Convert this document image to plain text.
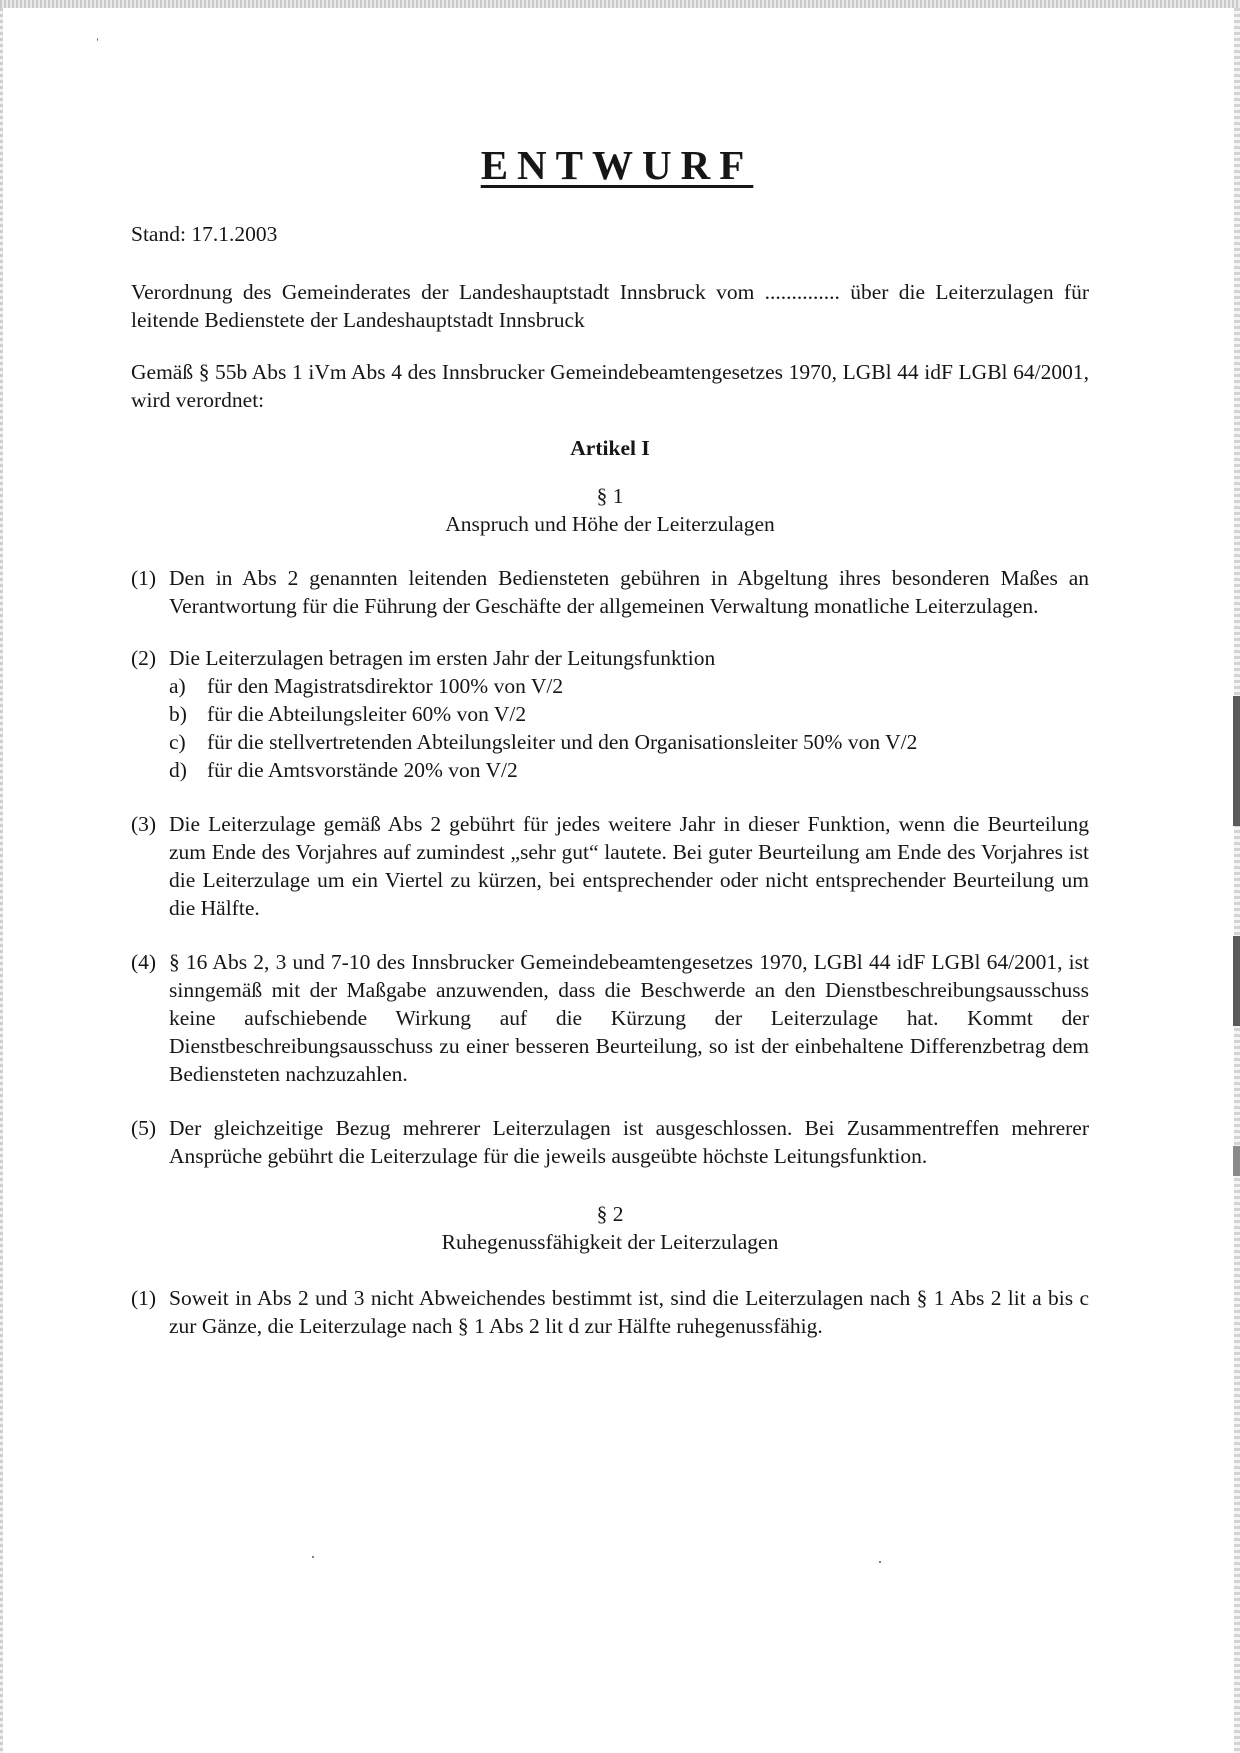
ENTWURF

Stand: 17.1.2003

Verordnung des Gemeinderates der Landeshauptstadt Innsbruck vom .............. über die Leiterzulagen für leitende Bedienstete der Landeshauptstadt Innsbruck

Gemäß § 55b Abs 1 iVm Abs 4 des Innsbrucker Gemeindebeamtengesetzes 1970, LGBl 44 idF LGBl 64/2001, wird verordnet:

Artikel I

§ 1

Anspruch und Höhe der Leiterzulagen

(1) Den in Abs 2 genannten leitenden Bediensteten gebühren in Abgeltung ihres besonderen Maßes an Verantwortung für die Führung der Geschäfte der allgemeinen Verwaltung monatliche Leiterzulagen.
(2) Die Leiterzulagen betragen im ersten Jahr der Leitungsfunktion
a) für den Magistratsdirektor 100% von V/2
b) für die Abteilungsleiter 60% von V/2
c) für die stellvertretenden Abteilungsleiter und den Organisationsleiter 50% von V/2
d) für die Amtsvorstände 20% von V/2
(3) Die Leiterzulage gemäß Abs 2 gebührt für jedes weitere Jahr in dieser Funktion, wenn die Beurteilung zum Ende des Vorjahres auf zumindest „sehr gut“ lautete. Bei guter Beurteilung am Ende des Vorjahres ist die Leiterzulage um ein Viertel zu kürzen, bei entsprechender oder nicht entsprechender Beurteilung um die Hälfte.
(4) § 16 Abs 2, 3 und 7-10 des Innsbrucker Gemeindebeamtengesetzes 1970, LGBl 44 idF LGBl 64/2001, ist sinngemäß mit der Maßgabe anzuwenden, dass die Beschwerde an den Dienstbeschreibungsausschuss keine aufschiebende Wirkung auf die Kürzung der Leiterzulage hat. Kommt der Dienstbeschreibungsausschuss zu einer besseren Beurteilung, so ist der einbehaltene Differenzbetrag dem Bediensteten nachzuzahlen.
(5) Der gleichzeitige Bezug mehrerer Leiterzulagen ist ausgeschlossen. Bei Zusammentreffen mehrerer Ansprüche gebührt die Leiterzulage für die jeweils ausgeübte höchste Leitungsfunktion.

§ 2

Ruhegenussfähigkeit der Leiterzulagen

(1) Soweit in Abs 2 und 3 nicht Abweichendes bestimmt ist, sind die Leiterzulagen nach § 1 Abs 2 lit a bis c zur Gänze, die Leiterzulage nach § 1 Abs 2 lit d zur Hälfte ruhegenussfähig.
